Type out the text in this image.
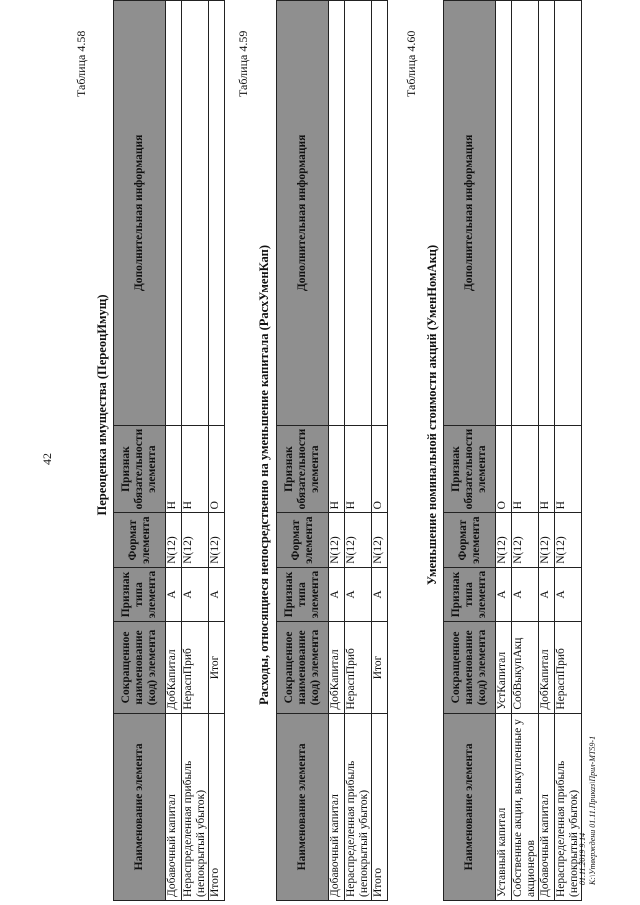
42
Таблица 4.58
Переоценка имущества (ПереоцИмущ)
Наименование элемента	Сокращенное наименование (код) элемента	Признак типа элемента	Формат элемента	Признак обязательности элемента	Дополнительная информация
Добавочный капитал	ДобКапитал	А	N(12)	Н	
Нераспределенная прибыль (непокрытый убыток)	НераспПриб	А	N(12)	Н	
Итого	Итог	А	N(12)	О	
Таблица 4.59
Расходы, относящиеся непосредственно на уменьшение капитала (РасхУменКап)
Наименование элемента	Сокращенное наименование (код) элемента	Признак типа элемента	Формат элемента	Признак обязательности элемента	Дополнительная информация
Добавочный капитал	ДобКапитал	А	N(12)	Н	
Нераспределенная прибыль (непокрытый убыток)	НераспПриб	А	N(12)	Н	
Итого	Итог	А	N(12)	О	
Таблица 4.60
Уменьшение номинальной стоимости акций (УменНомАкц)
Наименование элемента	Сокращенное наименование (код) элемента	Признак типа элемента	Формат элемента	Признак обязательности элемента	Дополнительная информация
Уставный капитал	УстКапитал	А	N(12)	О	
Собственные акции, выкупленные у акционеров	СобВыкупАкц	А	N(12)	Н	
Добавочный капитал	ДобКапитал	А	N(12)	Н	
Нераспределенная прибыль (непокрытый убыток)	НераспПриб	А	N(12)	Н	
01.11.2019 9:14 К:\Утверждени 01.11.Приказ\Прил-MT59-1
